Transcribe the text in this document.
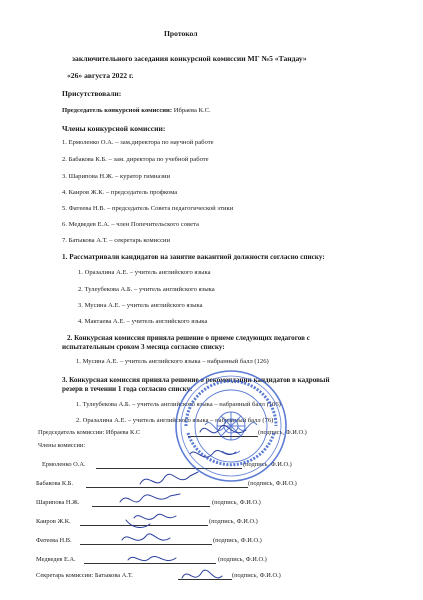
Протокол
заключительного заседания конкурсной комиссии МГ №5 «Тандау»
«26» августа 2022 г.
Присутствовали:
Председатель конкурсной комиссии: Ибраева К.С.
Члены конкурсной комиссии:
1. Ермоленко О.А. – зам.директора по научной работе
2. Бабакова К.Б. – зам. директора по учебной работе
3. Шарипова Н.Ж. – куратор гимназии
4. Каиров Ж.К. – председатель профкома
5. Фатеева Н.В. – председатель Совета педагогической этики
6. Медведев Е.А. – член Попечительского совета
7. Батыкова А.Т. – секретарь комиссии
1. Рассматривали кандидатов на занятие вакантной должности согласно списку:
1. Оразалина А.Е. – учитель английского языка
2. Тулеубекова А.Б. – учитель английского языка
3. Мусина А.Е. – учитель английского языка
4. Мактаева А.Е. – учитель английского языка
2. Конкурсная комиссия приняла решение о приеме следующих педагогов с
испытательным сроком 3 месяца согласно списку:
1. Мусина А.Е. – учитель английского языка – набранный балл (126)
3. Конкурсная комиссия приняла решение о рекомендации кандидатов в кадровый
резерв в течении 1 года согласно списку:
1. Тулеубекова А.Б. – учитель английского языка – набранный балл (106)
2. Оразалина А.Е. – учитель английского языка – набранный балл (76)
Председатель комиссии: Ибраева К.С	(подпись, Ф.И.О.)
Члены комиссии:
Ермоленко О.А.	(подпись, Ф.И.О.)
Бабакова К.Б.	(подпись, Ф.И.О.)
Шарипова Н.Ж.	(подпись, Ф.И.О.)
Каиров Ж.К.	(подпись, Ф.И.О.)
Фатеева Н.В.	(подпись, Ф.И.О.)
Медведев Е.А.	(подпись, Ф.И.О.)
Секретарь комиссии: Батыкова А.Т.	(подпись, Ф.И.О.)
